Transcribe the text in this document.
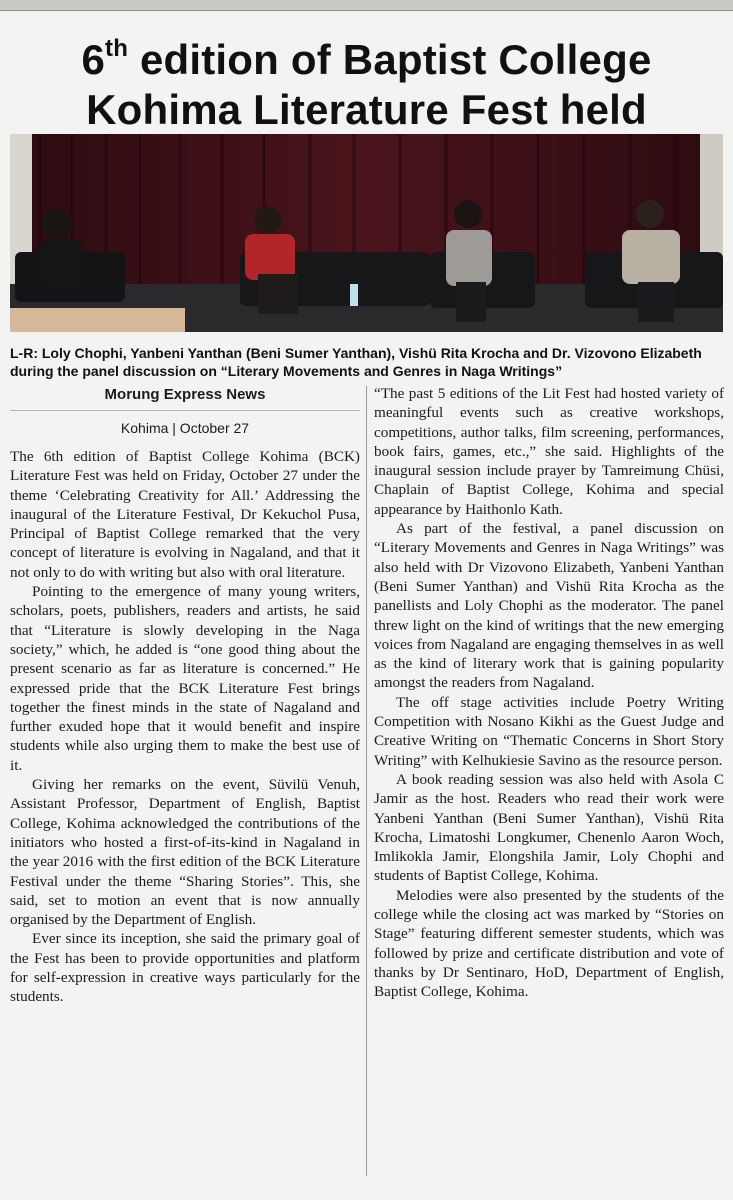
6th edition of Baptist College Kohima Literature Fest held
L-R: Loly Chophi, Yanbeni Yanthan (Beni Sumer Yanthan), Vishü Rita Krocha and Dr. Vizovono Elizabeth during the panel discussion on “Literary Movements and Genres in Naga Writings”
Morung Express News
Kohima | October 27

The 6th edition of Baptist College Kohima (BCK) Literature Fest was held on Friday, October 27 under the theme ‘Celebrating Creativity for All.’ Addressing the inaugural of the Literature Festival, Dr Kekuchol Pusa, Principal of Baptist College remarked that the very concept of literature is evolving in Nagaland, and that it not only to do with writing but also with oral literature.

Pointing to the emergence of many young writers, scholars, poets, publishers, readers and artists, he said that “Literature is slowly developing in the Naga society,” which, he added is “one good thing about the present scenario as far as literature is concerned.” He expressed pride that the BCK Literature Fest brings together the finest minds in the state of Nagaland and further exuded hope that it would benefit and inspire students while also urging them to make the best use of it.

Giving her remarks on the event, Süvilü Venuh, Assistant Professor, Department of English, Baptist College, Kohima acknowledged the contributions of the initiators who hosted a first-of-its-kind in Nagaland in the year 2016 with the first edition of the BCK Literature Festival under the theme “Sharing Stories”. This, she said, set to motion an event that is now annually organised by the Department of English.

Ever since its inception, she said the primary goal of the Fest has been to provide opportunities and platform for self-expression in creative ways particularly for the students.

“The past 5 editions of the Lit Fest had hosted variety of meaningful events such as creative workshops, competitions, author talks, film screening, performances, book fairs, games, etc.,” she said. Highlights of the inaugural session include prayer by Tamreimung Chüsi, Chaplain of Baptist College, Kohima and special appearance by Haithonlo Kath.

As part of the festival, a panel discussion on “Literary Movements and Genres in Naga Writings” was also held with Dr Vizovono Elizabeth, Yanbeni Yanthan (Beni Sumer Yanthan) and Vishü Rita Krocha as the panellists and Loly Chophi as the moderator. The panel threw light on the kind of writings that the new emerging voices from Nagaland are engaging themselves in as well as the kind of literary work that is gaining popularity amongst the readers from Nagaland.

The off stage activities include Poetry Writing Competition with Nosano Kikhi as the Guest Judge and Creative Writing on “Thematic Concerns in Short Story Writing” with Kelhukiesie Savino as the resource person.

A book reading session was also held with Asola C Jamir as the host. Readers who read their work were Yanbeni Yanthan (Beni Sumer Yanthan), Vishü Rita Krocha, Limatoshi Longkumer, Chenenlo Aaron Woch, Imlikokla Jamir, Elongshila Jamir, Loly Chophi and students of Baptist College, Kohima.

Melodies were also presented by the students of the college while the closing act was marked by “Stories on Stage” featuring different semester students, which was followed by prize and certificate distribution and vote of thanks by Dr Sentinaro, HoD, Department of English, Baptist College, Kohima.
